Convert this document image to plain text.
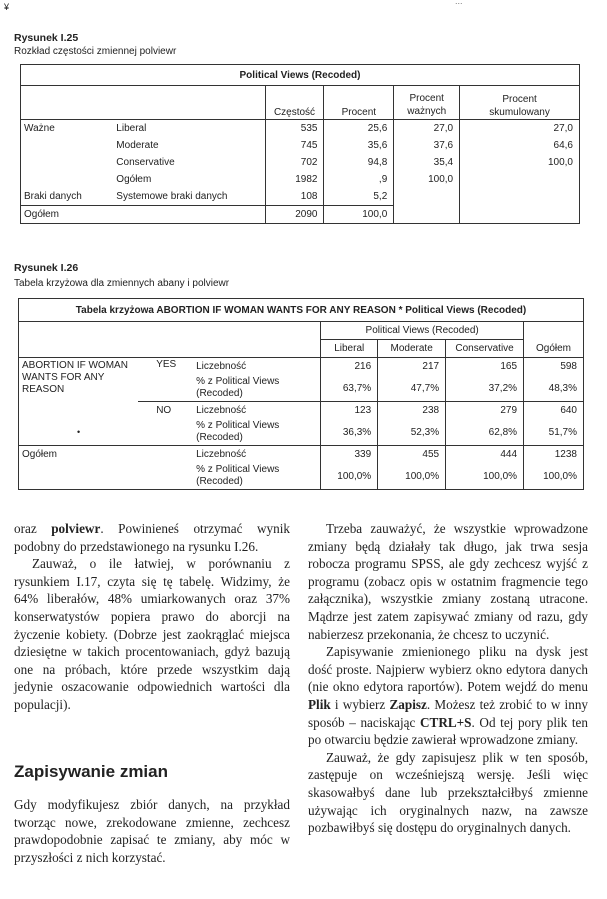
¥
...
Rysunek I.25
Rozkład częstości zmiennej polviewr
Political Views (Recoded)					
		Częstość	Procent	Procent ważnych	Procent skumulowany
Ważne	Liberal	535	25,6	27,0	27,0
	Moderate	745	35,6	37,6	64,6
	Conservative	702	94,8	35,4	100,0
	Ogółem	1982	,9	100,0	
Braki danych	Systemowe braki danych	108	5,2		
Ogółem		2090	100,0		
Rysunek I.26
Tabela krzyżowa dla zmiennych abany i polviewr
Tabela krzyżowa ABORTION IF WOMAN WANTS FOR ANY REASON * Political Views (Recoded)						
			Political Views (Recoded)			
			Liberal	Moderate	Conservative	Ogółem
ABORTION IF WOMAN WANTS FOR ANY REASON	YES	Liczebność	216	217	165	598
		% z Political Views (Recoded)	63,7%	47,7%	37,2%	48,3%
	NO	Liczebność	123	238	279	640
•		% z Political Views (Recoded)	36,3%	52,3%	62,8%	51,7%
Ogółem		Liczebność	339	455	444	1238
		% z Political Views (Recoded)	100,0%	100,0%	100,0%	100,0%

oraz polviewr. Powinieneś otrzymać wynik podobny do przedstawionego na rysunku I.26.

Zauważ, o ile łatwiej, w porównaniu z rysunkiem I.17, czyta się tę tabelę. Widzimy, że 64% liberałów, 48% umiarkowanych oraz 37% konserwatystów popiera prawo do aborcji na życzenie kobiety. (Dobrze jest zaokrąglać miejsca dziesiętne w takich procentowaniach, gdyż bazują one na próbach, które przede wszystkim dają jedynie oszacowanie odpowiednich wartości dla populacji).

Zapisywanie zmian

Gdy modyfikujesz zbiór danych, na przykład tworząc nowe, zrekodowane zmienne, zechcesz prawdopodobnie zapisać te zmiany, aby móc w przyszłości z nich korzystać.

Trzeba zauważyć, że wszystkie wprowadzone zmiany będą działały tak długo, jak trwa sesja robocza programu SPSS, ale gdy zechcesz wyjść z programu (zobacz opis w ostatnim fragmencie tego załącznika), wszystkie zmiany zostaną utracone. Mądrze jest zatem zapisywać zmiany od razu, gdy nabierzesz przekonania, że chcesz to uczynić.

Zapisywanie zmienionego pliku na dysk jest dość proste. Najpierw wybierz okno edytora danych (nie okno edytora raportów). Potem wejdź do menu Plik i wybierz Zapisz. Możesz też zrobić to w inny sposób – naciskając CTRL+S. Od tej pory plik ten po otwarciu będzie zawierał wprowadzone zmiany.

Zauważ, że gdy zapisujesz plik w ten sposób, zastępuje on wcześniejszą wersję. Jeśli więc skasowałbyś dane lub przekształciłbyś zmienne używając ich oryginalnych nazw, na zawsze pozbawiłbyś się dostępu do oryginalnych danych.
